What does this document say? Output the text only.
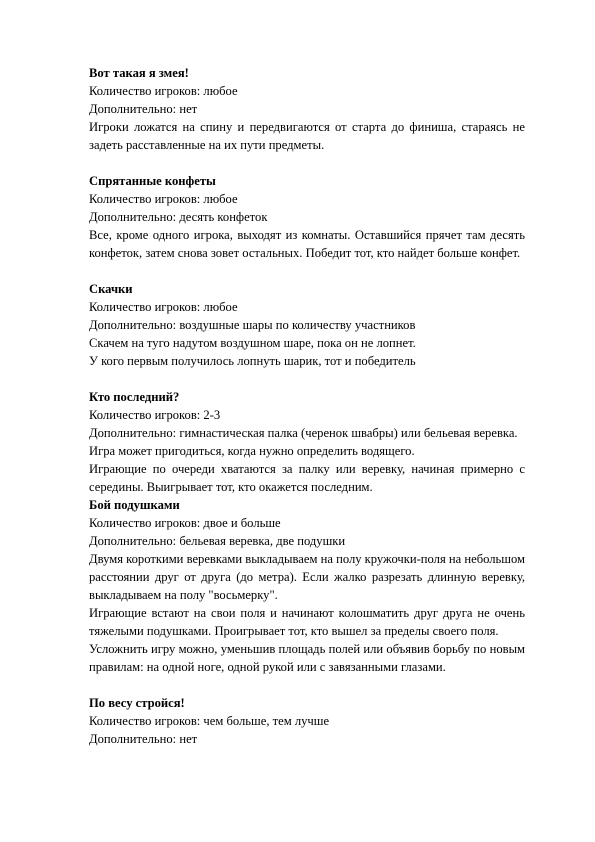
Вот такая я змея!
Количество игроков: любое
Дополнительно: нет
Игроки ложатся на спину и передвигаются от старта до финиша, стараясь не задеть расставленные на их пути предметы.
Спрятанные конфеты
Количество игроков: любое
Дополнительно: десять конфеток
Все, кроме одного игрока, выходят из комнаты. Оставшийся прячет там десять конфеток, затем снова зовет остальных. Победит тот, кто найдет больше конфет.
Скачки
Количество игроков: любое
Дополнительно: воздушные шары по количеству участников
Скачем на туго надутом воздушном шаре, пока он не лопнет.
У кого первым получилось лопнуть шарик, тот и победитель
Кто последний?
Количество игроков: 2-3
Дополнительно: гимнастическая палка (черенок швабры) или бельевая веревка.
Игра может пригодиться, когда нужно определить водящего.
Играющие по очереди хватаются за палку или веревку, начиная примерно с середины. Выигрывает тот, кто окажется последним.
Бой подушками
Количество игроков: двое и больше
Дополнительно: бельевая веревка, две подушки
Двумя короткими веревками выкладываем на полу кружочки-поля на небольшом расстоянии друг от друга (до метра). Если жалко разрезать длинную веревку, выкладываем на полу "восьмерку".
Играющие встают на свои поля и начинают колошматить друг друга не очень тяжелыми подушками. Проигрывает тот, кто вышел за пределы своего поля.
Усложнить игру можно, уменьшив площадь полей или объявив борьбу по новым правилам: на одной ноге, одной рукой или с завязанными глазами.
По весу стройся!
Количество игроков: чем больше, тем лучше
Дополнительно: нет
